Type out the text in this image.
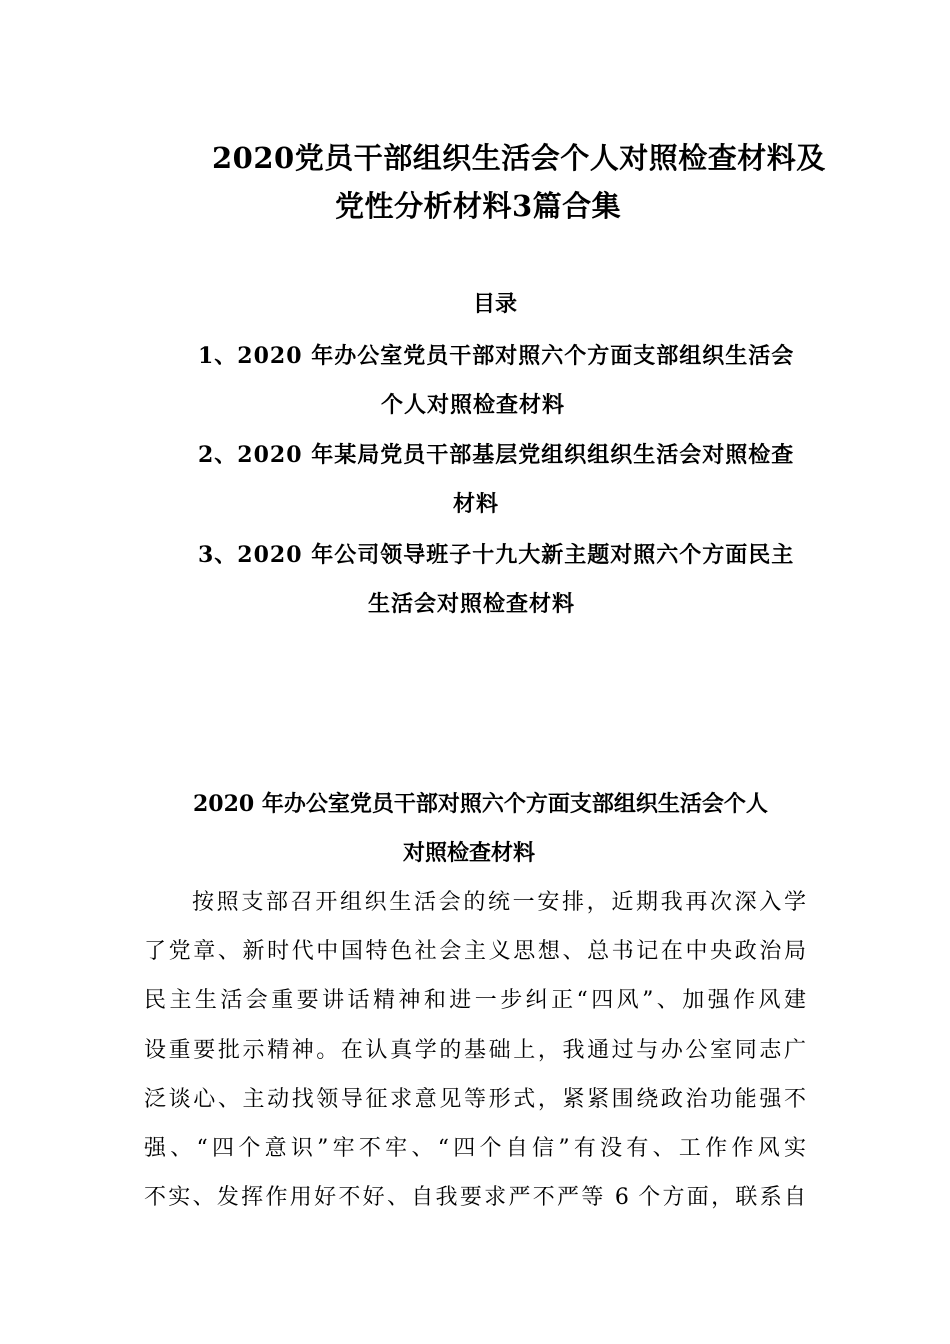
2020党员干部组织生活会个人对照检查材料及
党性分析材料3篇合集
目录
1、2020 年办公室党员干部对照六个方面支部组织生活会
个人对照检查材料
2、2020 年某局党员干部基层党组织组织生活会对照检查
材料
3、2020 年公司领导班子十九大新主题对照六个方面民主
生活会对照检查材料
2020 年办公室党员干部对照六个方面支部组织生活会个人
对照检查材料
按照支部召开组织生活会的统一安排，近期我再次深入学
了党章、新时代中国特色社会主义思想、总书记在中央政治局
民主生活会重要讲话精神和进一步纠正“四风”、加强作风建
设重要批示精神。在认真学的基础上，我通过与办公室同志广
泛谈心、主动找领导征求意见等形式，紧紧围绕政治功能强不
强、“四个意识”牢不牢、“四个自信”有没有、工作作风实
不实、发挥作用好不好、自我要求严不严等 6 个方面，联系自
